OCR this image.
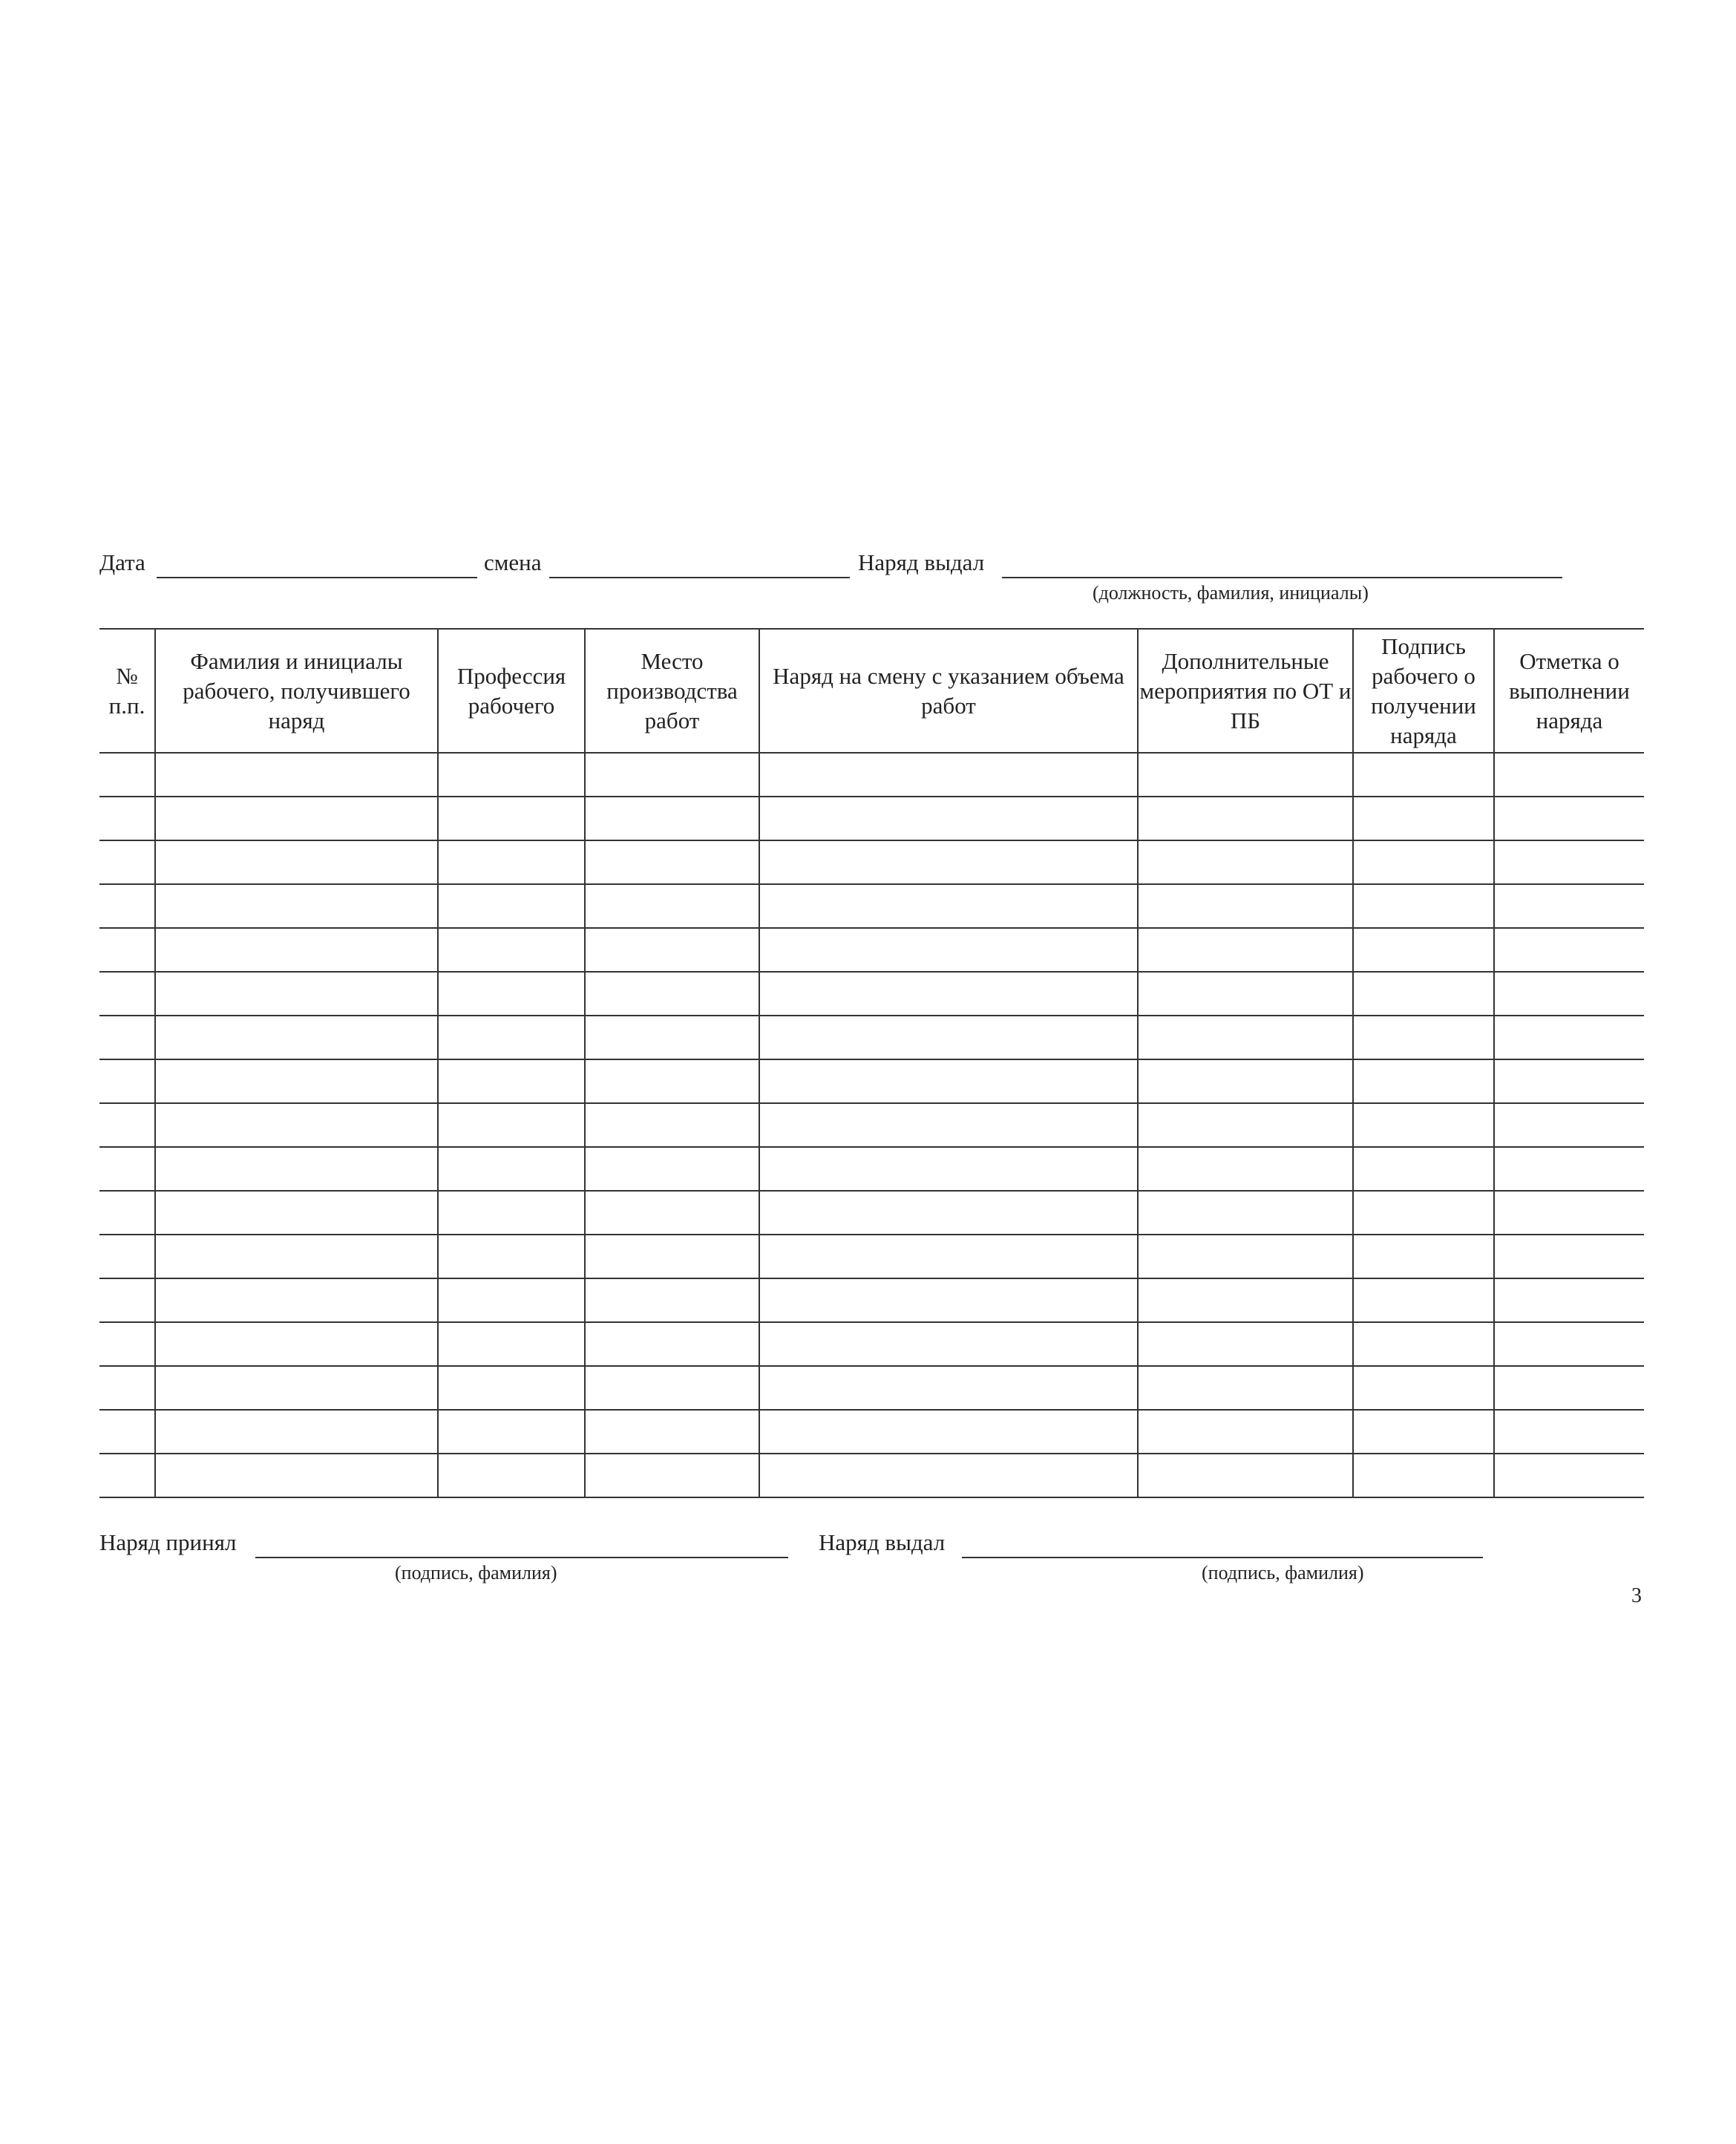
Дата	смена	Наряд выдал
(должность, фамилия, инициалы)
№ п.п.	Фамилия и инициалы рабочего, получившего наряд	Профессия рабочего	Место производства работ	Наряд на смену с указанием объема работ	Дополнительные мероприятия по ОТ и ПБ	Подпись рабочего о получении наряда	Отметка о выполнении наряда

Наряд принял
(подпись, фамилия)
Наряд выдал
(подпись, фамилия)
3
